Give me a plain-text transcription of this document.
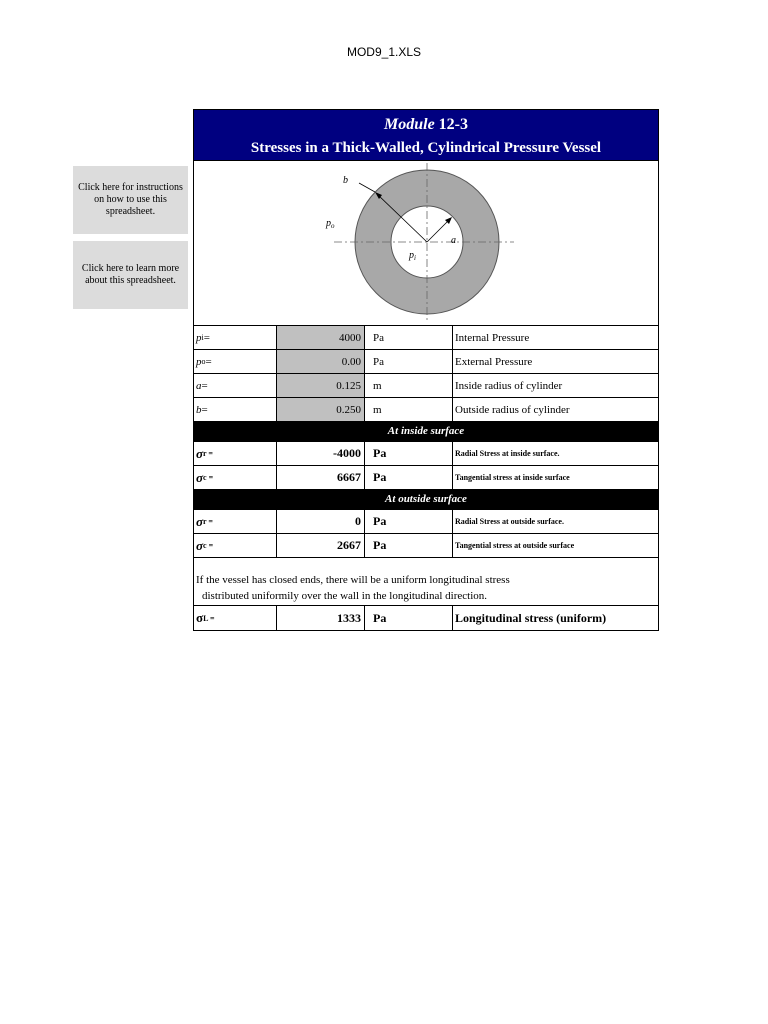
MOD9_1.XLS
Click here for instructions on how to use this spreadsheet.
Click here to learn more about this spreadsheet.
Module 12-3
Stresses in a Thick-Walled, Cylindrical Pressure Vessel
b
a
$p_o$
$p_i$
p i =	4000	Pa	Internal Pressure
p o =	0.00	Pa	External Pressure
a =	0.125	m	Inside radius of cylinder
b =	0.250	m	Outside radius of cylinder
At inside surface
σ r =	-4000	Pa	Radial Stress at inside surface.
σ c =	6667	Pa	Tangential stress at inside surface
At outside surface
σ r =	0	Pa	Radial Stress at outside surface.
σ c =	2667	Pa	Tangential stress at outside surface
If the vessel has closed ends, there will be a uniform longitudinal stress
distributed uniformily over the wall in the longitudinal direction.
σ L =	1333	Pa	Longitudinal stress (uniform)
